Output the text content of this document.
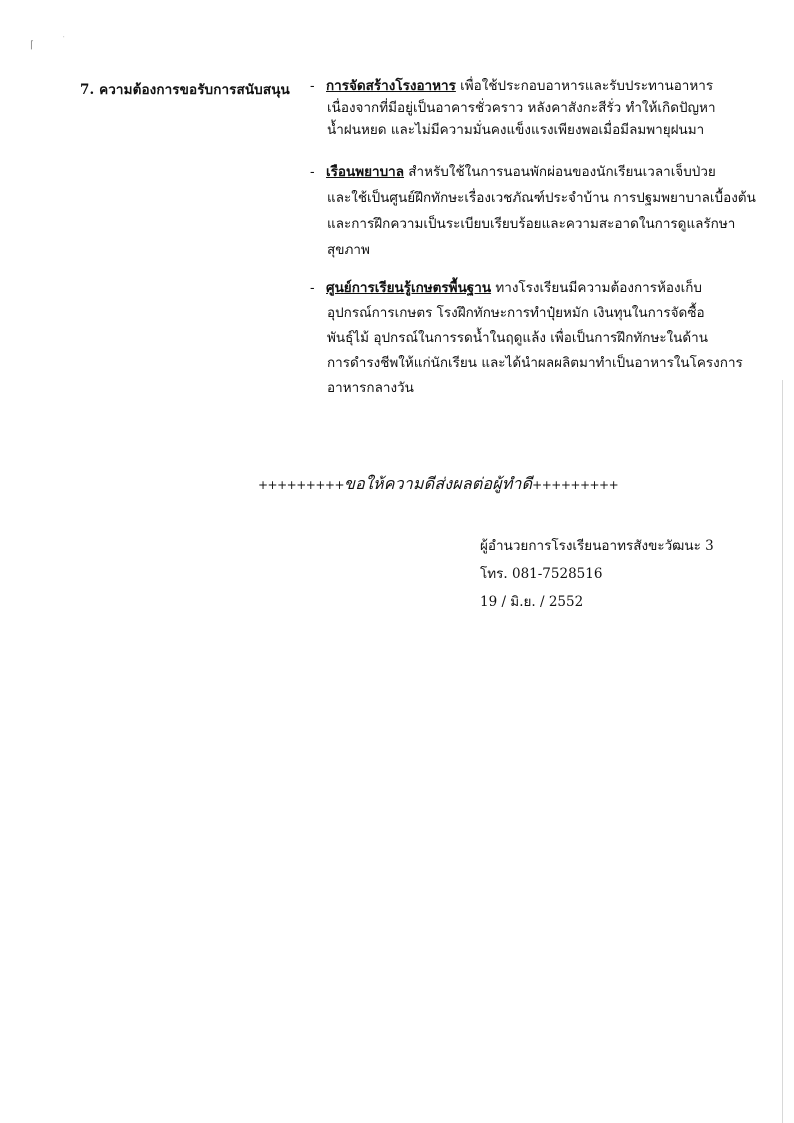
⌈	˙
7. ความต้องการขอรับการสนับสนุน - การจัดสร้างโรงอาหาร เพื่อใช้ประกอบอาหารและรับประทานอาหาร
เนื่องจากที่มีอยู่เป็นอาคารชั่วคราว หลังคาสังกะสีรั่ว ทำให้เกิดปัญหา
น้ำฝนหยด และไม่มีความมั่นคงแข็งแรงเพียงพอเมื่อมีลมพายุฝนมา
- เรือนพยาบาล สำหรับใช้ในการนอนพักผ่อนของนักเรียนเวลาเจ็บป่วย
และใช้เป็นศูนย์ฝึกทักษะเรื่องเวชภัณฑ์ประจำบ้าน การปฐมพยาบาลเบื้องต้น
และการฝึกความเป็นระเบียบเรียบร้อยและความสะอาดในการดูแลรักษา
สุขภาพ
- ศูนย์การเรียนรู้เกษตรพื้นฐาน ทางโรงเรียนมีความต้องการห้องเก็บ
อุปกรณ์การเกษตร โรงฝึกทักษะการทำปุ๋ยหมัก เงินทุนในการจัดซื้อ
พันธุ์ไม้ อุปกรณ์ในการรดน้ำในฤดูแล้ง เพื่อเป็นการฝึกทักษะในด้าน
การดำรงชีพให้แก่นักเรียน และได้นำผลผลิตมาทำเป็นอาหารในโครงการ
อาหารกลางวัน
+++++++++ขอให้ความดีส่งผลต่อผู้ทำดี+++++++++
ผู้อำนวยการโรงเรียนอาทรสังขะวัฒนะ 3
โทร. 081-7528516
19 / มิ.ย. / 2552
